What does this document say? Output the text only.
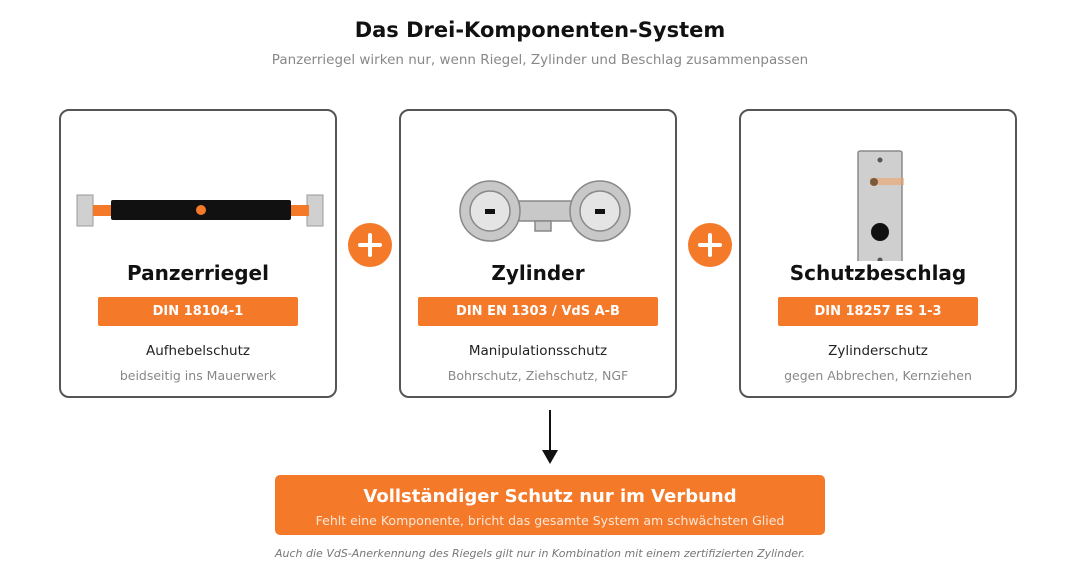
Das Drei-Komponenten-System
Panzerriegel wirken nur, wenn Riegel, Zylinder und Beschlag zusammenpassen
Panzerriegel
DIN 18104-1
Aufhebelschutz
beidseitig ins Mauerwerk
Zylinder
DIN EN 1303 / VdS A-B
Manipulationsschutz
Bohrschutz, Ziehschutz, NGF
Schutzbeschlag
DIN 18257 ES 1-3
Zylinderschutz
gegen Abbrechen, Kernziehen
Vollständiger Schutz nur im Verbund
Fehlt eine Komponente, bricht das gesamte System am schwächsten Glied
Auch die VdS-Anerkennung des Riegels gilt nur in Kombination mit einem zertifizierten Zylinder.
